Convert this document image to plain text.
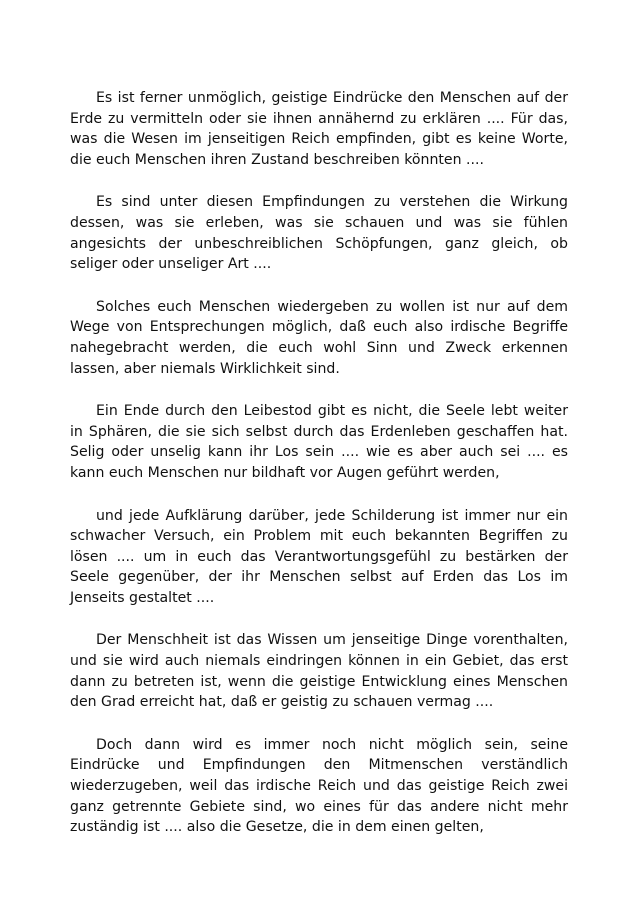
Es ist ferner unmöglich, geistige Eindrücke den Menschen auf der Erde zu vermitteln oder sie ihnen annähernd zu erklären .... Für das, was die Wesen im jenseitigen Reich empfinden, gibt es keine Worte, die euch Menschen ihren Zustand beschreiben könnten ....

Es sind unter diesen Empfindungen zu verstehen die Wirkung dessen, was sie erleben, was sie schauen und was sie fühlen angesichts der unbeschreiblichen Schöpfungen, ganz gleich, ob seliger oder unseliger Art ....

Solches euch Menschen wiedergeben zu wollen ist nur auf dem Wege von Entsprechungen möglich, daß euch also irdische Begriffe nahegebracht werden, die euch wohl Sinn und Zweck erkennen lassen, aber niemals Wirklichkeit sind.

Ein Ende durch den Leibestod gibt es nicht, die Seele lebt weiter in Sphären, die sie sich selbst durch das Erdenleben geschaffen hat. Selig oder unselig kann ihr Los sein .... wie es aber auch sei .... es kann euch Menschen nur bildhaft vor Augen geführt werden,

und jede Aufklärung darüber, jede Schilderung ist immer nur ein schwacher Versuch, ein Problem mit euch bekannten Begriffen zu lösen .... um in euch das Verantwortungsgefühl zu bestärken der Seele gegenüber, der ihr Menschen selbst auf Erden das Los im Jenseits gestaltet ....

Der Menschheit ist das Wissen um jenseitige Dinge vorenthalten, und sie wird auch niemals eindringen können in ein Gebiet, das erst dann zu betreten ist, wenn die geistige Entwicklung eines Menschen den Grad erreicht hat, daß er geistig zu schauen vermag ....

Doch dann wird es immer noch nicht möglich sein, seine Eindrücke und Empfindungen den Mitmenschen verständlich wiederzugeben, weil das irdische Reich und das geistige Reich zwei ganz getrennte Gebiete sind, wo eines für das andere nicht mehr zuständig ist .... also die Gesetze, die in dem einen gelten,
